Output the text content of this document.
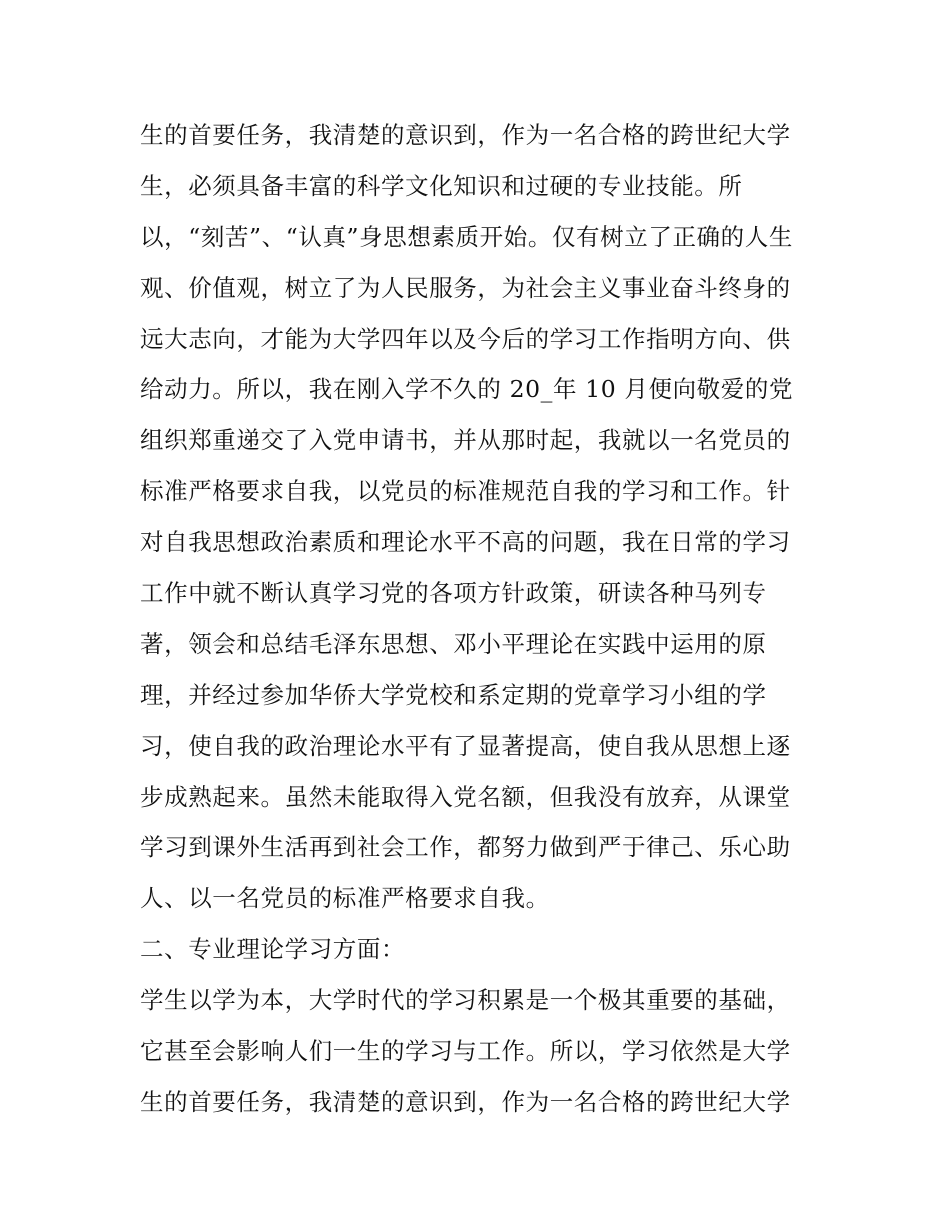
生的首要任务，我清楚的意识到，作为一名合格的跨世纪大学
生，必须具备丰富的科学文化知识和过硬的专业技能。所
以，“刻苦”、“认真”身思想素质开始。仅有树立了正确的人生
观、价值观，树立了为人民服务，为社会主义事业奋斗终身的
远大志向，才能为大学四年以及今后的学习工作指明方向、供
给动力。所以，我在刚入学不久的 20_年 10 月便向敬爱的党
组织郑重递交了入党申请书，并从那时起，我就以一名党员的
标准严格要求自我，以党员的标准规范自我的学习和工作。针
对自我思想政治素质和理论水平不高的问题，我在日常的学习
工作中就不断认真学习党的各项方针政策，研读各种马列专
著，领会和总结毛泽东思想、邓小平理论在实践中运用的原
理，并经过参加华侨大学党校和系定期的党章学习小组的学
习，使自我的政治理论水平有了显著提高，使自我从思想上逐
步成熟起来。虽然未能取得入党名额，但我没有放弃，从课堂
学习到课外生活再到社会工作，都努力做到严于律己、乐心助
人、以一名党员的标准严格要求自我。
二、专业理论学习方面：
学生以学为本，大学时代的学习积累是一个极其重要的基础，
它甚至会影响人们一生的学习与工作。所以，学习依然是大学
生的首要任务，我清楚的意识到，作为一名合格的跨世纪大学
